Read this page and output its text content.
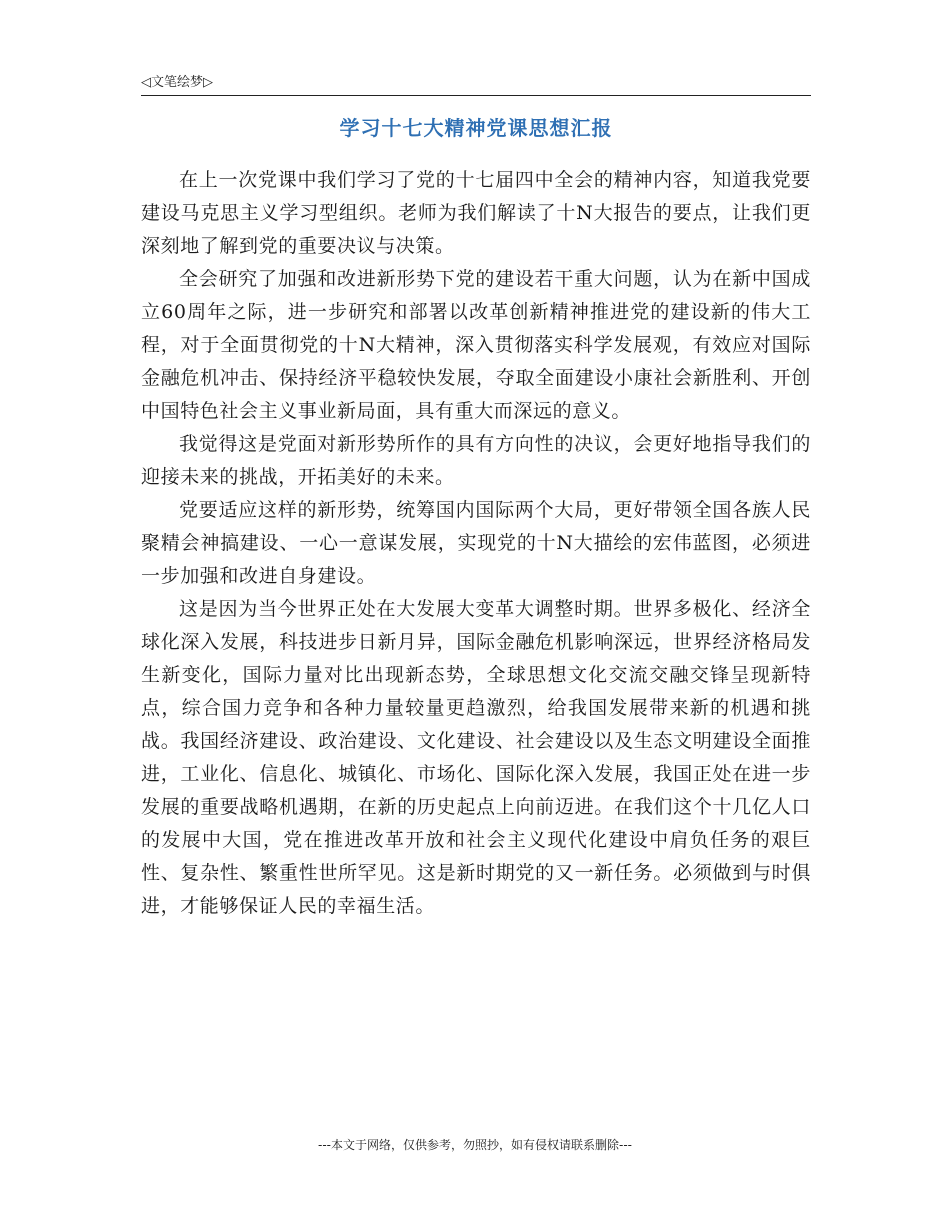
◁文笔绘梦▷
学习十七大精神党课思想汇报

在上一次党课中我们学习了党的十七届四中全会的精神内容，知道我党要建设马克思主义学习型组织。老师为我们解读了十N大报告的要点，让我们更深刻地了解到党的重要决议与决策。

全会研究了加强和改进新形势下党的建设若干重大问题，认为在新中国成立60周年之际，进一步研究和部署以改革创新精神推进党的建设新的伟大工程，对于全面贯彻党的十N大精神，深入贯彻落实科学发展观，有效应对国际金融危机冲击、保持经济平稳较快发展，夺取全面建设小康社会新胜利、开创中国特色社会主义事业新局面，具有重大而深远的意义。

我觉得这是党面对新形势所作的具有方向性的决议，会更好地指导我们的迎接未来的挑战，开拓美好的未来。

党要适应这样的新形势，统筹国内国际两个大局，更好带领全国各族人民聚精会神搞建设、一心一意谋发展，实现党的十N大描绘的宏伟蓝图，必须进一步加强和改进自身建设。

这是因为当今世界正处在大发展大变革大调整时期。世界多极化、经济全球化深入发展，科技进步日新月异，国际金融危机影响深远，世界经济格局发生新变化，国际力量对比出现新态势，全球思想文化交流交融交锋呈现新特点，综合国力竞争和各种力量较量更趋激烈，给我国发展带来新的机遇和挑战。我国经济建设、政治建设、文化建设、社会建设以及生态文明建设全面推进，工业化、信息化、城镇化、市场化、国际化深入发展，我国正处在进一步发展的重要战略机遇期，在新的历史起点上向前迈进。在我们这个十几亿人口的发展中大国，党在推进改革开放和社会主义现代化建设中肩负任务的艰巨性、复杂性、繁重性世所罕见。这是新时期党的又一新任务。必须做到与时俱进，才能够保证人民的幸福生活。

---本文于网络，仅供参考，勿照抄，如有侵权请联系删除---
